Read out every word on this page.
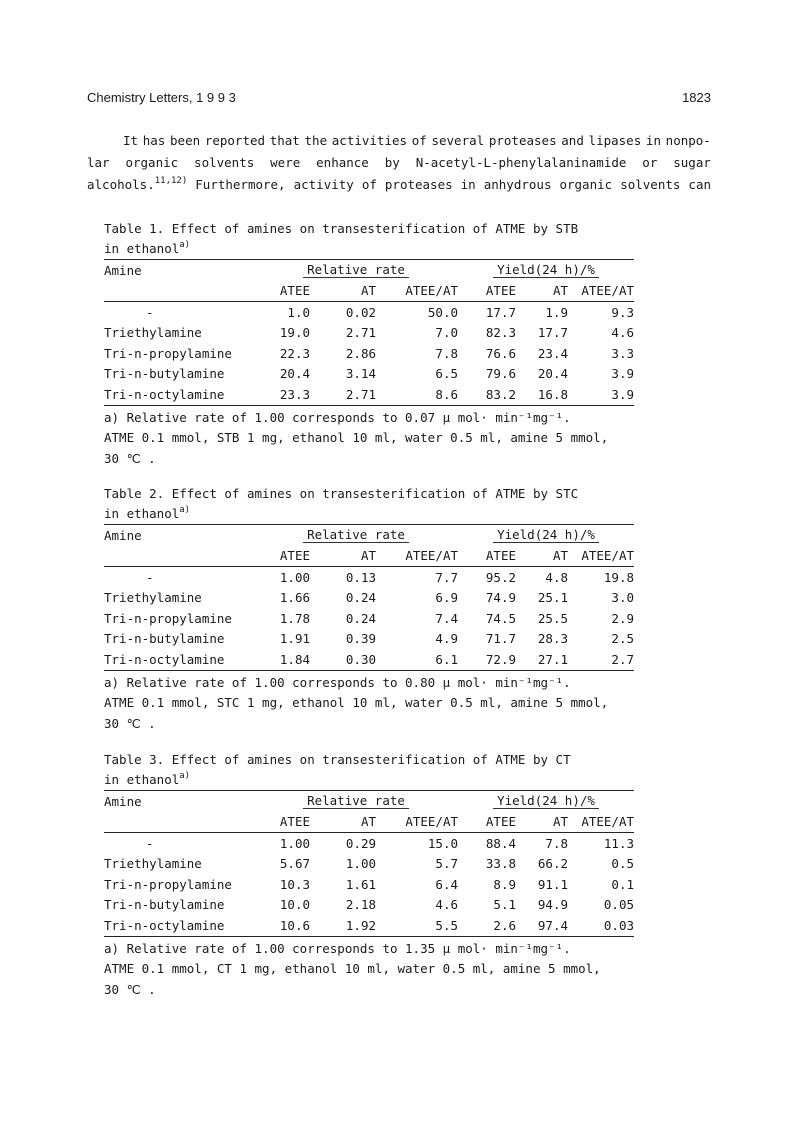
Chemistry Letters, 1 9 9 3	1823
It has been reported that the activities of several proteases and lipases in nonpo-
lar organic solvents were enhance by N-acetyl-L-phenylalaninamide or sugar
alcohols.$^{11,12)}$ Furthermore, activity of proteases in anhydrous organic solvents can
Table 1. Effect of amines on transesterification of ATME by STB
in ethanol$^{a)}$
Amine	Relative rate			Yield(24 h)/%		
	ATEE	AT	ATEE/AT	ATEE	AT	ATEE/AT
-	1.0	0.02	50.0	17.7	1.9	9.3
Triethylamine	19.0	2.71	7.0	82.3	17.7	4.6
Tri-n-propylamine	22.3	2.86	7.8	76.6	23.4	3.3
Tri-n-butylamine	20.4	3.14	6.5	79.6	20.4	3.9
Tri-n-octylamine	23.3	2.71	8.6	83.2	16.8	3.9
a) Relative rate of 1.00 corresponds to 0.07 μ mol· min⁻¹mg⁻¹.
ATME 0.1 mmol, STB 1 mg, ethanol 10 ml, water 0.5 ml, amine 5 mmol,
30 ℃ .
Table 2. Effect of amines on transesterification of ATME by STC
in ethanol$^{a)}$
Amine	Relative rate			Yield(24 h)/%		
	ATEE	AT	ATEE/AT	ATEE	AT	ATEE/AT
-	1.00	0.13	7.7	95.2	4.8	19.8
Triethylamine	1.66	0.24	6.9	74.9	25.1	3.0
Tri-n-propylamine	1.78	0.24	7.4	74.5	25.5	2.9
Tri-n-butylamine	1.91	0.39	4.9	71.7	28.3	2.5
Tri-n-octylamine	1.84	0.30	6.1	72.9	27.1	2.7
a) Relative rate of 1.00 corresponds to 0.80 μ mol· min⁻¹mg⁻¹.
ATME 0.1 mmol, STC 1 mg, ethanol 10 ml, water 0.5 ml, amine 5 mmol,
30 ℃ .
Table 3. Effect of amines on transesterification of ATME by CT
in ethanol$^{a)}$
Amine	Relative rate			Yield(24 h)/%		
	ATEE	AT	ATEE/AT	ATEE	AT	ATEE/AT
-	1.00	0.29	15.0	88.4	7.8	11.3
Triethylamine	5.67	1.00	5.7	33.8	66.2	0.5
Tri-n-propylamine	10.3	1.61	6.4	8.9	91.1	0.1
Tri-n-butylamine	10.0	2.18	4.6	5.1	94.9	0.05
Tri-n-octylamine	10.6	1.92	5.5	2.6	97.4	0.03
a) Relative rate of 1.00 corresponds to 1.35 μ mol· min⁻¹mg⁻¹.
ATME 0.1 mmol, CT 1 mg, ethanol 10 ml, water 0.5 ml, amine 5 mmol,
30 ℃ .
